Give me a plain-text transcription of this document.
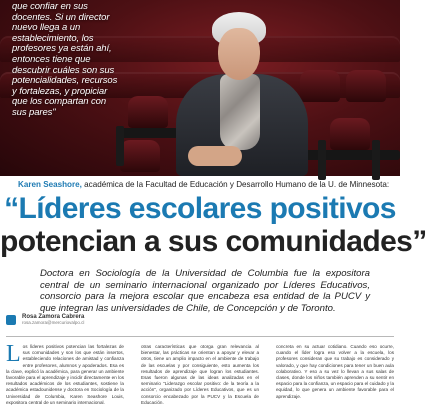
que confiar en sus docentes. Si un director nuevo llega a un establecimiento, los profesores ya están ahí, entonces tiene que descubrir cuáles son sus potencialidades, recursos y fortalezas, y propiciar que los compartan con sus pares"

Karen Seashore, académica de la Facultad de Educación y Desarrollo Humano de la U. de Minnesota:
“Líderes escolares positivos
potencian a sus comunidades”

Doctora en Sociología de la Universidad de Columbia fue la expositora central de un seminario internacional organizado por Líderes Educativos, consorcio para la mejora escolar que encabeza esa entidad de la PUCV y que integran las universidades de Chile, de Concepción y de Toronto.

Rosa Zamora Cabrera
rosa.zamora@mercuriovalpo.cl

Los líderes positivos potencian las fortalezas de sus comunidades y son los que están insertos, estableciendo relaciones de amistad y confianza entre profesores, alumnos y apoderados. Esa es la clave, explicó la académica, para generar un ambiente favorable para el aprendizaje y incidir directamente en los resultados académicos de los estudiantes, sostiene la académica estadounidense y doctora en Sociología de la Universidad de Columbia, Karen Seashore Louis, expositora central de un seminario internacional.

otras características que otorga gran relevancia al bienestar, las prácticas se orientan a apoyar y elevar a otros, tiene un amplio impacto en el ambiente de trabajo de las escuelas y por consiguiente, esto aumenta los resultados de aprendizaje que logran los estudiantes. Esas fueron algunas de las ideas analizadas en el seminario "Liderazgo escolar positivo: de la teoría a la acción", organizado por Líderes Educativos, que es un consorcio encabezado por la PUCV y la Escuela de Educación.

concreta en su actuar cotidiano. Cuando eso ocurre, cuando el líder logra eso volver a la escuela, los profesores consideran que su trabajo es considerado y valorado, y que hay condiciones para tener un buen aula colaborativo. Y eso a su vez lo llevan a sus salas de clases, donde los niños también aprenden a su sentir en espacio para la confianza, un espacio para el cuidado y la equidad, lo que genera un ambiente favorable para el aprendizaje.
